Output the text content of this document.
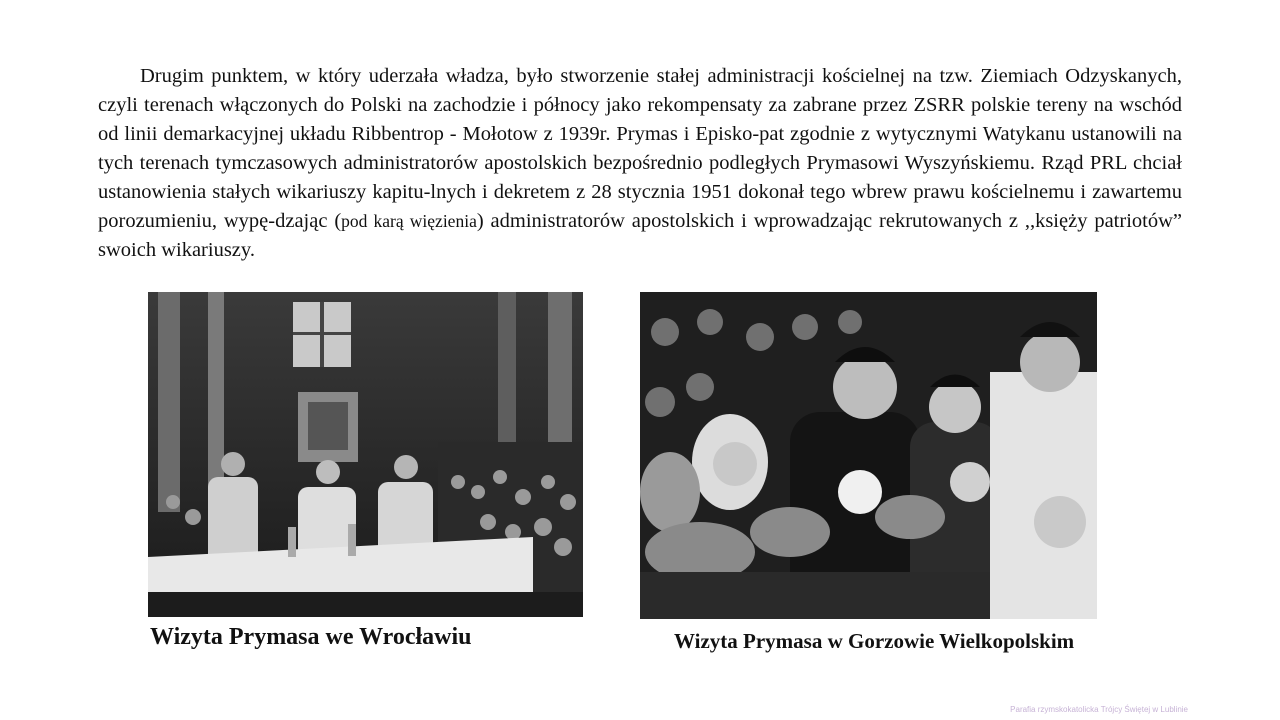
Drugim punktem, w który uderzała władza, było stworzenie stałej administracji kościelnej na tzw. Ziemiach Odzyskanych, czyli terenach włączonych do Polski na zachodzie i północy jako rekompensaty za zabrane przez ZSRR polskie tereny na wschód od linii demarkacyjnej układu Ribbentrop - Mołotow z 1939r. Prymas i Episko-pat zgodnie z wytycznymi Watykanu ustanowili na tych terenach tymczasowych administratorów apostolskich bezpośrednio podległych Prymasowi Wyszyńskiemu. Rząd PRL chciał ustanowienia stałych wikariuszy kapitu-lnych i dekretem z 28 stycznia 1951 dokonał tego wbrew prawu kościelnemu i zawartemu porozumieniu, wypę-dzając (pod karą więzienia) administratorów apostolskich i wprowadzając rekrutowanych z ,,księży patriotów” swoich wikariuszy.

Wizyta Prymasa we Wrocławiu	Wizyta Prymasa w Gorzowie Wielkopolskim

Parafia rzymskokatolicka Trójcy Świętej w Lublinie
